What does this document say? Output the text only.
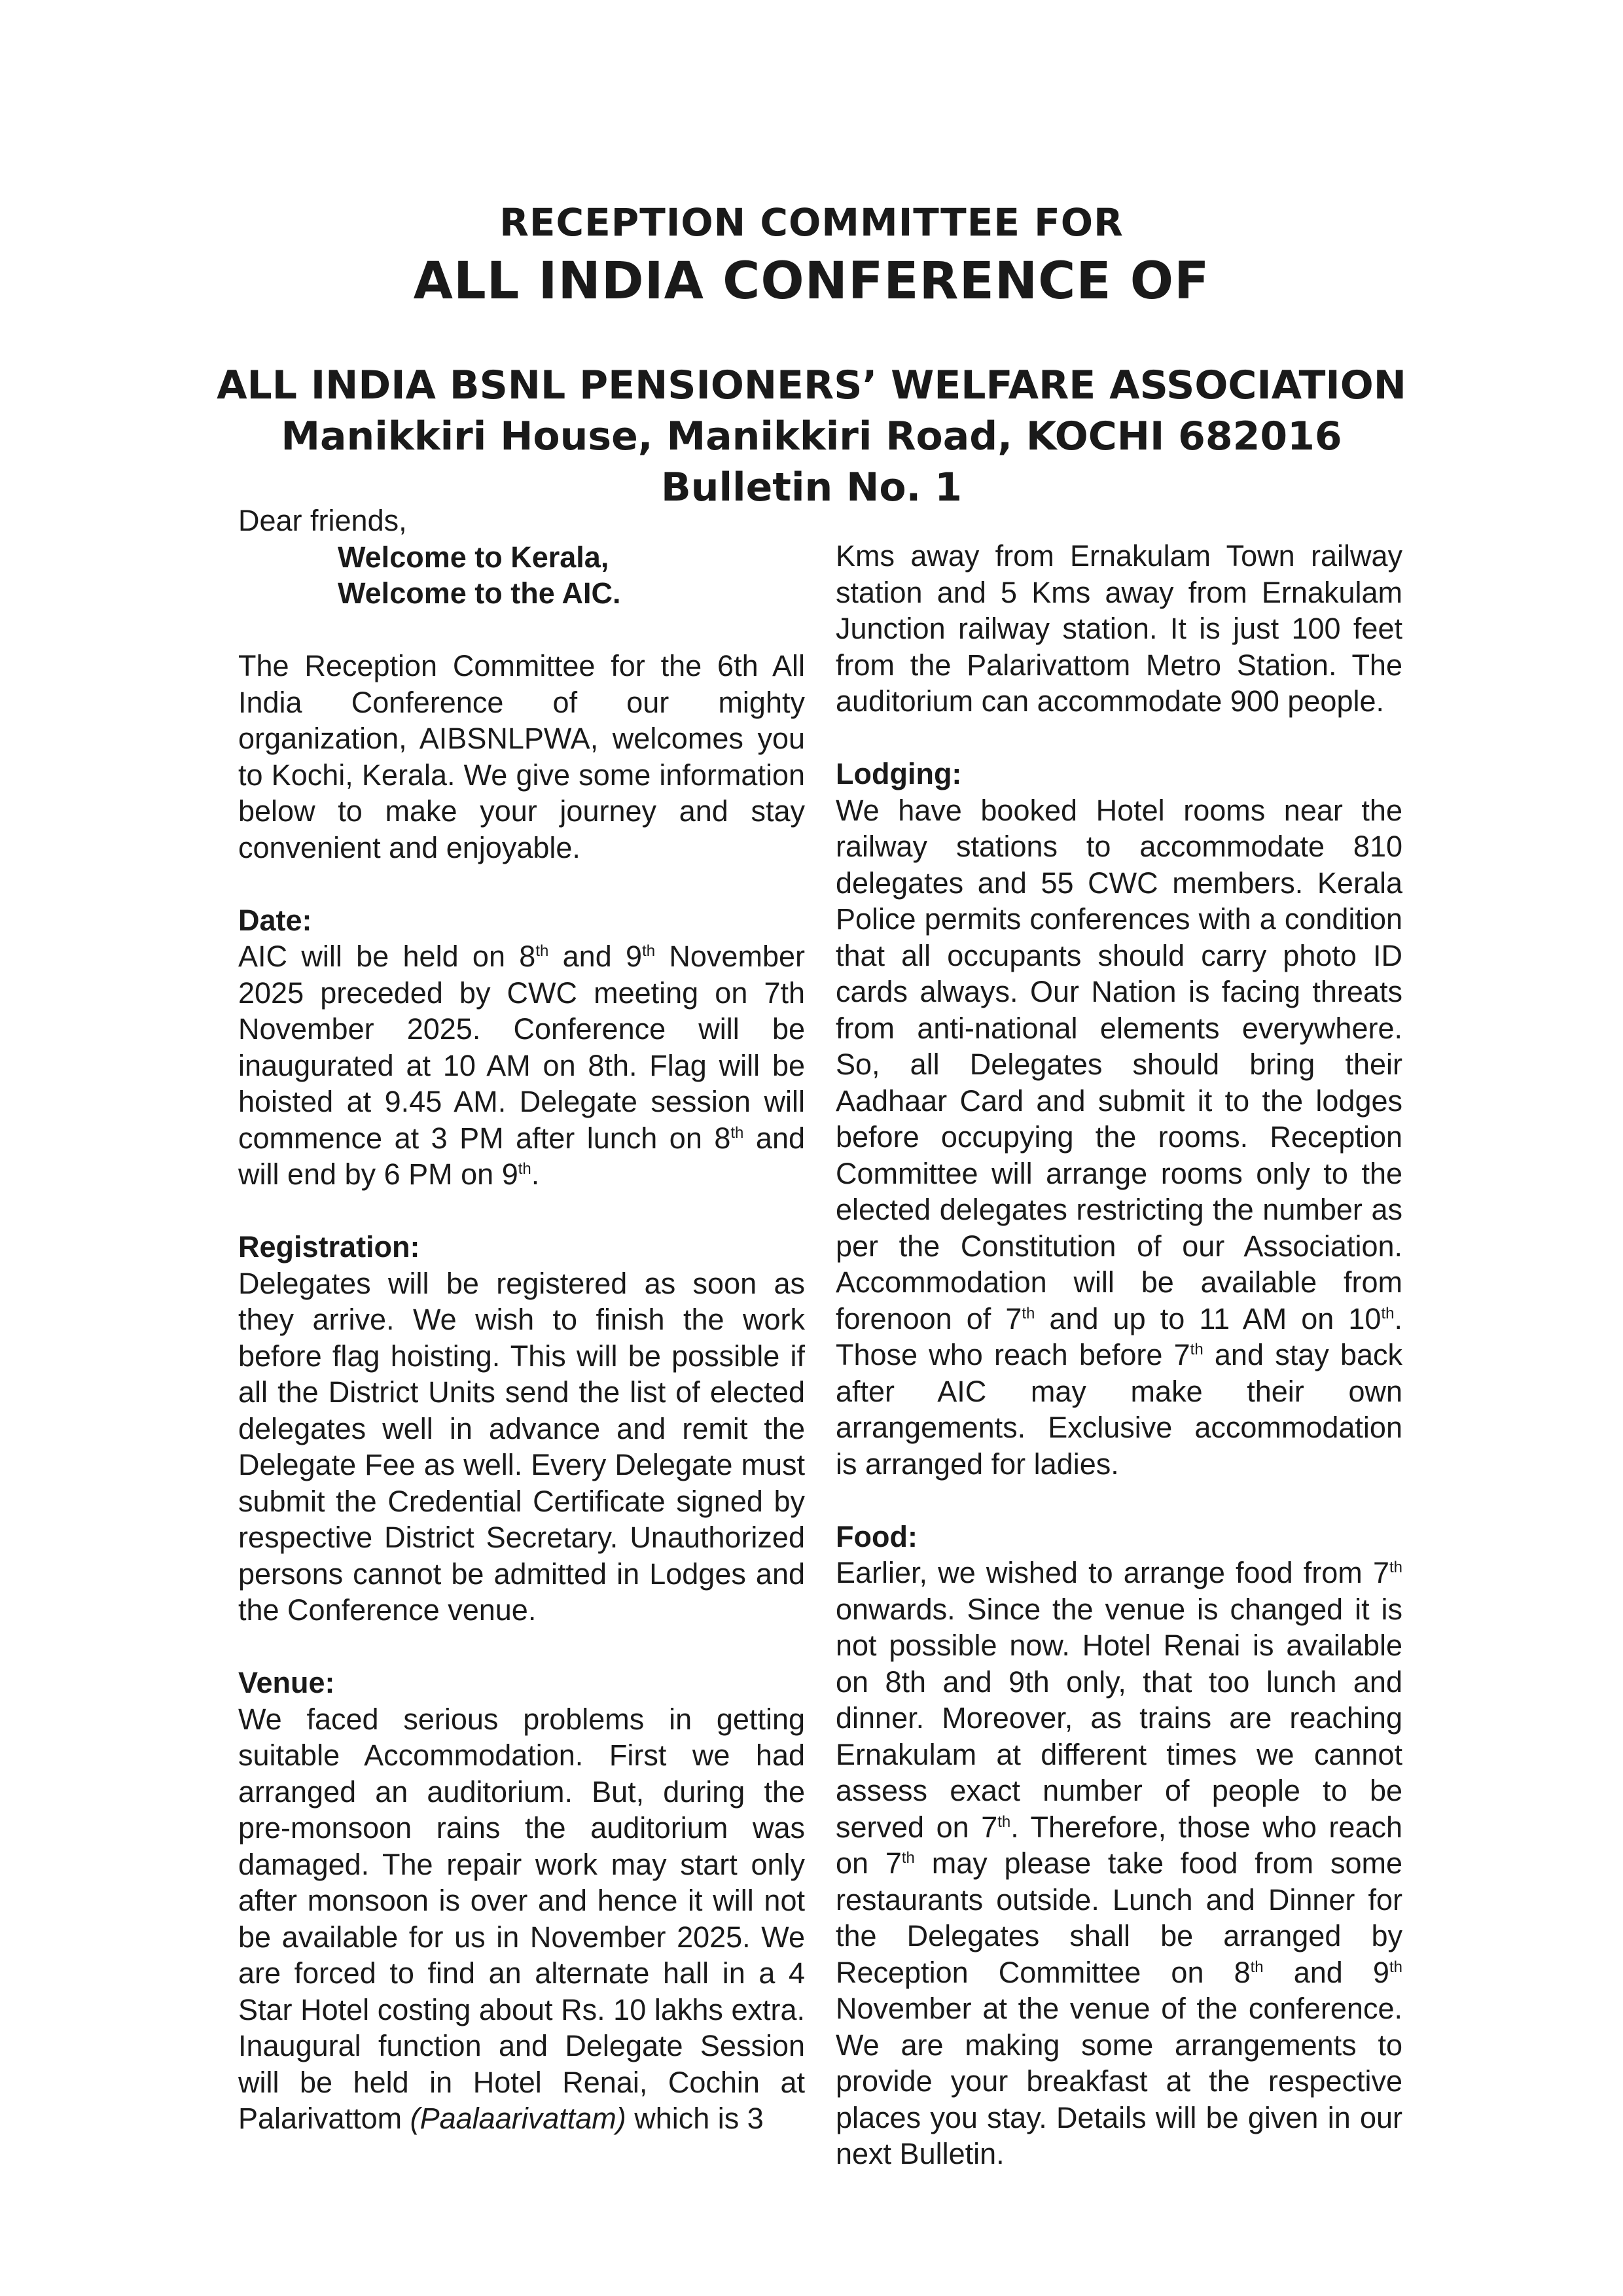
RECEPTION COMMITTEE FOR
ALL INDIA CONFERENCE OF
ALL INDIA BSNL PENSIONERS’ WELFARE ASSOCIATION
Manikkiri House, Manikkiri Road, KOCHI 682016
Bulletin No. 1

Dear friends,

Welcome to Kerala,

Welcome to the AIC.

The Reception Committee for the 6th All India Conference of our mighty organization, AIBSNLPWA, welcomes you to Kochi, Kerala. We give some information below to make your journey and stay convenient and enjoyable.

Date:

AIC will be held on 8th and 9th November 2025 preceded by CWC meeting on 7th November 2025. Conference will be inaugurated at 10 AM on 8th. Flag will be hoisted at 9.45 AM. Delegate session will commence at 3 PM after lunch on 8th and will end by 6 PM on 9th.

Registration:

Delegates will be registered as soon as they arrive. We wish to finish the work before flag hoisting. This will be possible if all the District Units send the list of elected delegates well in advance and remit the Delegate Fee as well. Every Delegate must submit the Credential Certificate signed by respective District Secretary. Unauthorized persons cannot be admitted in Lodges and the Conference venue.

Venue:

We faced serious problems in getting suitable Accommodation. First we had arranged an auditorium. But, during the pre-monsoon rains the auditorium was damaged. The repair work may start only after monsoon is over and hence it will not be available for us in November 2025. We are forced to find an alternate hall in a 4 Star Hotel costing about Rs. 10 lakhs extra. Inaugural function and Delegate Session will be held in Hotel Renai, Cochin at Palarivattom (Paalaarivattam) which is 3

Kms away from Ernakulam Town railway station and 5 Kms away from Ernakulam Junction railway station. It is just 100 feet from the Palarivattom Metro Station. The auditorium can accommodate 900 people.

Lodging:

We have booked Hotel rooms near the railway stations to accommodate 810 delegates and 55 CWC members. Kerala Police permits conferences with a condition that all occupants should carry photo ID cards always. Our Nation is facing threats from anti-national elements everywhere. So, all Delegates should bring their Aadhaar Card and submit it to the lodges before occupying the rooms. Reception Committee will arrange rooms only to the elected delegates restricting the number as per the Constitution of our Association. Accommodation will be available from forenoon of 7th and up to 11 AM on 10th. Those who reach before 7th and stay back after AIC may make their own arrangements. Exclusive accommodation is arranged for ladies.

Food:

Earlier, we wished to arrange food from 7th onwards. Since the venue is changed it is not possible now. Hotel Renai is available on 8th and 9th only, that too lunch and dinner. Moreover, as trains are reaching Ernakulam at different times we cannot assess exact number of people to be served on 7th. Therefore, those who reach on 7th may please take food from some restaurants outside. Lunch and Dinner for the Delegates shall be arranged by Reception Committee on 8th and 9th November at the venue of the conference. We are making some arrangements to provide your breakfast at the respective places you stay. Details will be given in our next Bulletin.
